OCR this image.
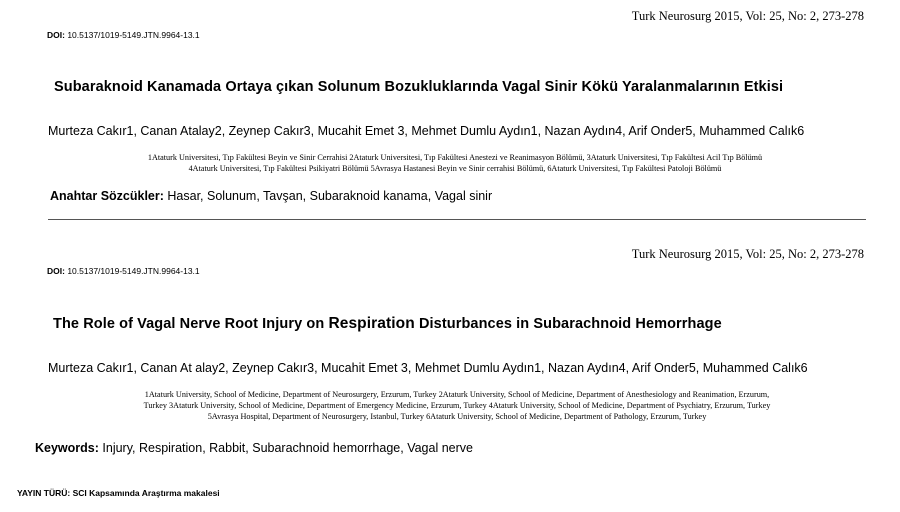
Turk Neurosurg 2015, Vol: 25, No: 2, 273-278
DOI: 10.5137/1019-5149.JTN.9964-13.1
Subaraknoid Kanamada Ortaya çıkan Solunum Bozukluklarında Vagal Sinir Kökü Yaralanmalarının Etkisi
Murteza Cakır1, Canan Atalay2, Zeynep Cakır3, Mucahit Emet 3, Mehmet Dumlu Aydın1, Nazan Aydın4, Arif Onder5, Muhammed Calık6
1Ataturk Universitesi, Tıp Fakültesi Beyin ve Sinir Cerrahisi 2Ataturk Universitesi, Tıp Fakültesi Anestezi ve Reanimasyon Bölümü, 3Ataturk Universitesi, Tıp Fakültesi Acil Tıp Bölümü
4Ataturk Universitesi, Tıp Fakültesi Psikiyatri Bölümü 5Avrasya Hastanesi Beyin ve Sinir cerrahisi Bölümü, 6Ataturk Universitesi, Tıp Fakültesi Patoloji Bölümü
Anahtar Sözcükler: Hasar, Solunum, Tavşan, Subaraknoid kanama, Vagal sinir
Turk Neurosurg 2015, Vol: 25, No: 2, 273-278
DOI: 10.5137/1019-5149.JTN.9964-13.1
The Role of Vagal Nerve Root Injury on Respiration Disturbances in Subarachnoid Hemorrhage
Murteza Cakır1, Canan At alay2, Zeynep Cakır3, Mucahit Emet 3, Mehmet Dumlu Aydın1, Nazan Aydın4, Arif Onder5, Muhammed Calık6
1Ataturk University, School of Medicine, Department of Neurosurgery, Erzurum, Turkey 2Ataturk University, School of Medicine, Department of Anesthesiology and Reanimation, Erzurum,
Turkey 3Ataturk University, School of Medicine, Department of Emergency Medicine, Erzurum, Turkey 4Ataturk University, School of Medicine, Department of Psychiatry, Erzurum, Turkey
5Avrasya Hospital, Department of Neurosurgery, Istanbul, Turkey 6Ataturk University, School of Medicine, Department of Pathology, Erzurum, Turkey
Keywords: Injury, Respiration, Rabbit, Subarachnoid hemorrhage, Vagal nerve
YAYIN TÜRÜ: SCI Kapsamında Araştırma makalesi
